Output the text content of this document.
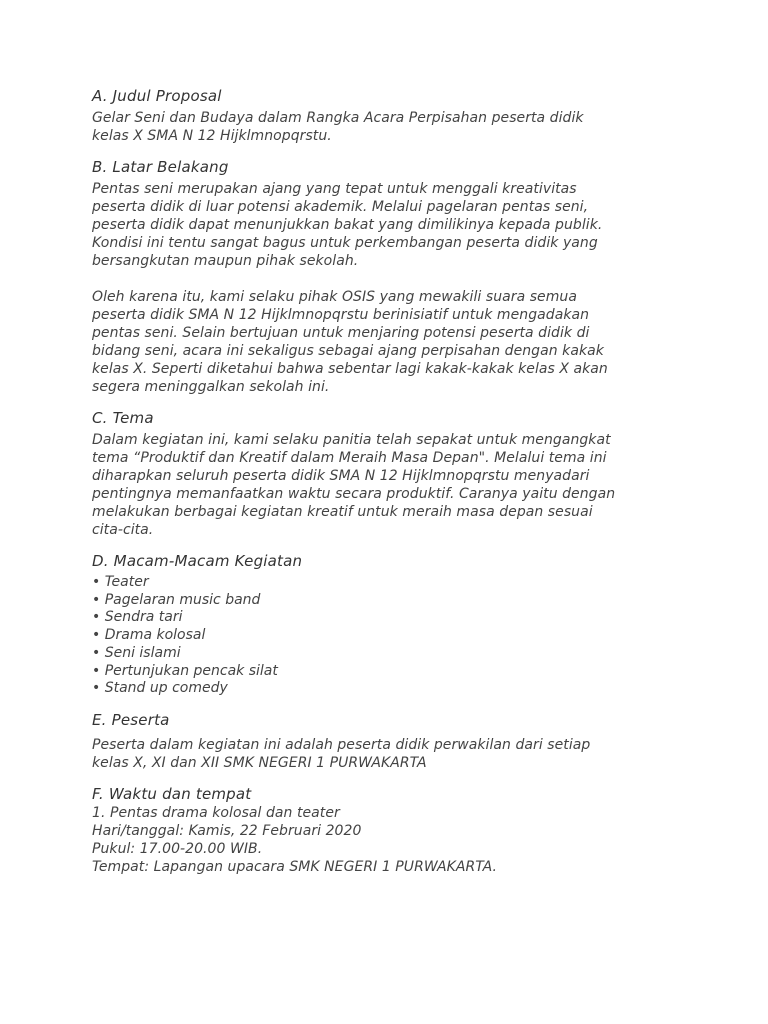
A. Judul Proposal
Gelar Seni dan Budaya dalam Rangka Acara Perpisahan peserta didik
kelas X SMA N 12 Hijklmnopqrstu.
B. Latar Belakang
Pentas seni merupakan ajang yang tepat untuk menggali kreativitas
peserta didik di luar potensi akademik. Melalui pagelaran pentas seni,
peserta didik dapat menunjukkan bakat yang dimilikinya kepada publik.
Kondisi ini tentu sangat bagus untuk perkembangan peserta didik yang
bersangkutan maupun pihak sekolah.
Oleh karena itu, kami selaku pihak OSIS yang mewakili suara semua
peserta didik SMA N 12 Hijklmnopqrstu berinisiatif untuk mengadakan
pentas seni. Selain bertujuan untuk menjaring potensi peserta didik di
bidang seni, acara ini sekaligus sebagai ajang perpisahan dengan kakak
kelas X. Seperti diketahui bahwa sebentar lagi kakak-kakak kelas X akan
segera meninggalkan sekolah ini.
C. Tema
Dalam kegiatan ini, kami selaku panitia telah sepakat untuk mengangkat
tema “Produktif dan Kreatif dalam Meraih Masa Depan". Melalui tema ini
diharapkan seluruh peserta didik SMA N 12 Hijklmnopqrstu menyadari
pentingnya memanfaatkan waktu secara produktif. Caranya yaitu dengan
melakukan berbagai kegiatan kreatif untuk meraih masa depan sesuai
cita-cita.
D. Macam-Macam Kegiatan
• Teater
• Pagelaran music band
• Sendra tari
• Drama kolosal
• Seni islami
• Pertunjukan pencak silat
• Stand up comedy
E. Peserta
Peserta dalam kegiatan ini adalah peserta didik perwakilan dari setiap
kelas X, XI dan XII SMK NEGERI 1 PURWAKARTA
F. Waktu dan tempat
1. Pentas drama kolosal dan teater
Hari/tanggal: Kamis, 22 Februari 2020
Pukul: 17.00-20.00 WIB.
Tempat: Lapangan upacara SMK NEGERI 1 PURWAKARTA.
